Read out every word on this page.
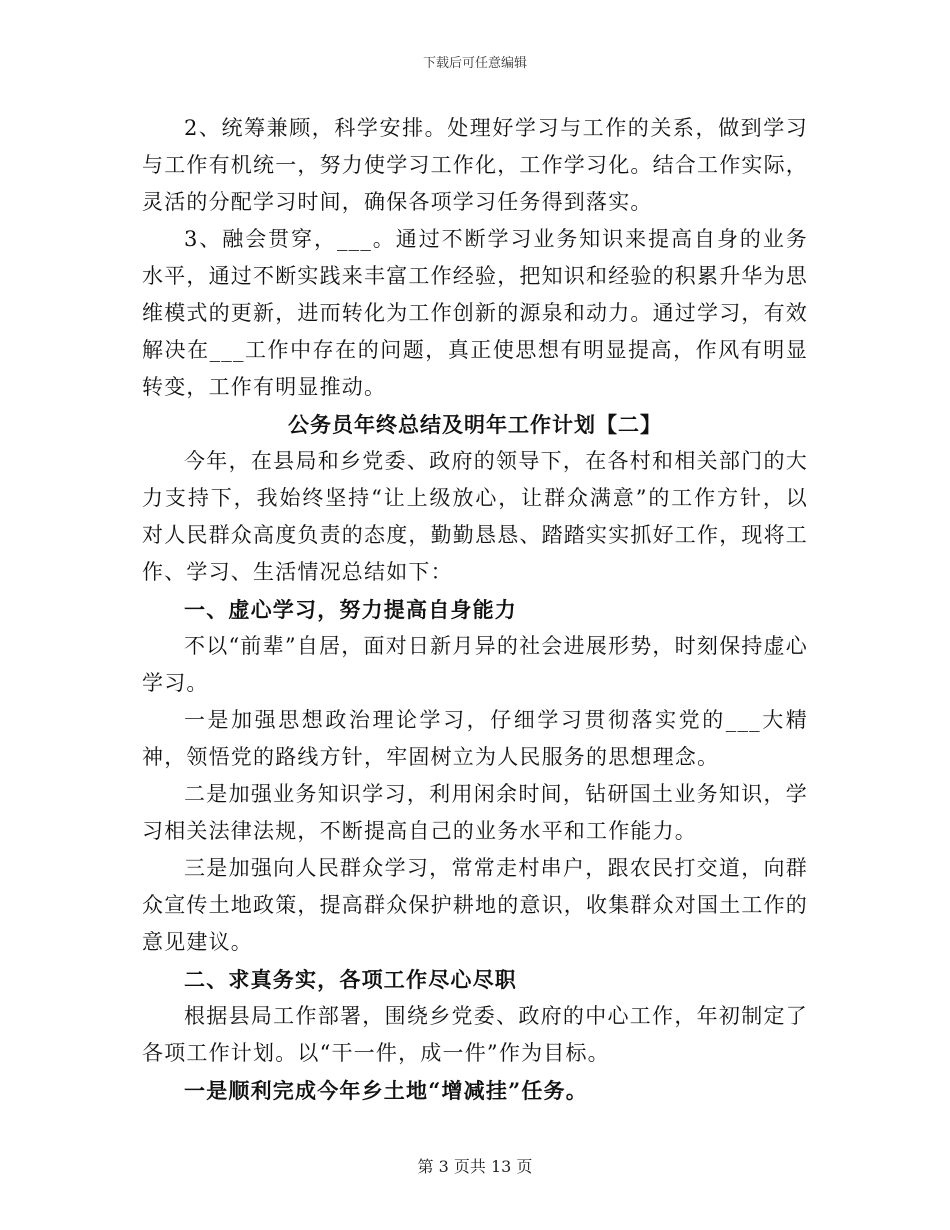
下载后可任意编辑

2、统筹兼顾，科学安排。处理好学习与工作的关系，做到学习与工作有机统一，努力使学习工作化，工作学习化。结合工作实际，灵活的分配学习时间，确保各项学习任务得到落实。

3、融会贯穿，___。通过不断学习业务知识来提高自身的业务水平，通过不断实践来丰富工作经验，把知识和经验的积累升华为思维模式的更新，进而转化为工作创新的源泉和动力。通过学习，有效解决在___工作中存在的问题，真正使思想有明显提高，作风有明显转变，工作有明显推动。

公务员年终总结及明年工作计划【二】

今年，在县局和乡党委、政府的领导下，在各村和相关部门的大力支持下，我始终坚持“让上级放心，让群众满意”的工作方针，以对人民群众高度负责的态度，勤勤恳恳、踏踏实实抓好工作，现将工作、学习、生活情况总结如下：

一、虚心学习，努力提高自身能力

不以“前辈”自居，面对日新月异的社会进展形势，时刻保持虚心学习。

一是加强思想政治理论学习，仔细学习贯彻落实党的___大精神，领悟党的路线方针，牢固树立为人民服务的思想理念。

二是加强业务知识学习，利用闲余时间，钻研国土业务知识，学习相关法律法规，不断提高自己的业务水平和工作能力。

三是加强向人民群众学习，常常走村串户，跟农民打交道，向群众宣传土地政策，提高群众保护耕地的意识，收集群众对国土工作的意见建议。

二、求真务实，各项工作尽心尽职

根据县局工作部署，围绕乡党委、政府的中心工作，年初制定了各项工作计划。以“干一件，成一件”作为目标。

一是顺利完成今年乡土地“增减挂”任务。
第 3 页共 13 页
